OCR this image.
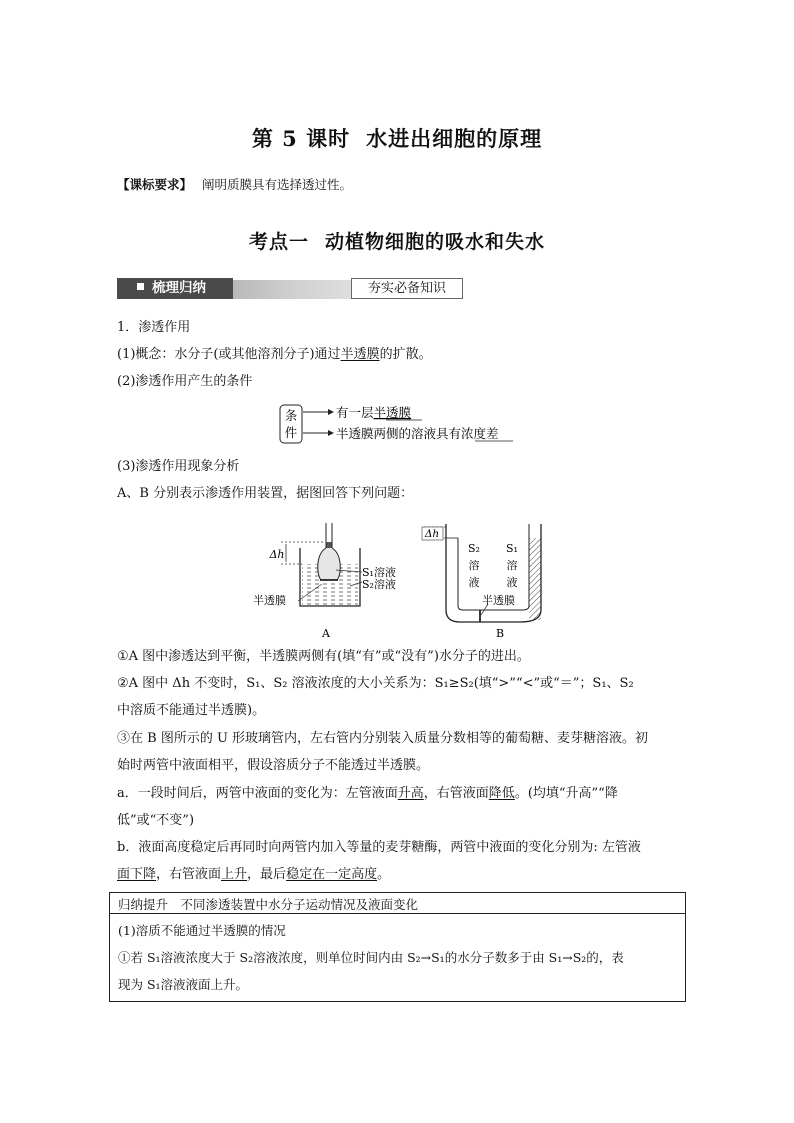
第 5 课时 水进出细胞的原理
【课标要求】 阐明质膜具有选择透过性。
考点一 动植物细胞的吸水和失水
梳理归纳	夯实必备知识
1．渗透作用
(1)概念：水分子(或其他溶剂分子)通过半透膜的扩散。
(2)渗透作用产生的条件
条
件
有一层半透膜
半透膜两侧的溶液具有浓度差
(3)渗透作用现象分析
A、B 分别表示渗透作用装置，据图回答下列问题：
Δh
S₁溶液
S₂溶液
半透膜
A
Δh
S₂
溶
液
S₁
溶
液
半透膜
B
①A 图中渗透达到平衡，半透膜两侧有(填“有”或“没有”)水分子的进出。
②A 图中 Δh 不变时，S₁、S₂ 溶液浓度的大小关系为：S₁≥S₂(填“>”“<”或“＝”；S₁、S₂
中溶质不能通过半透膜)。
③在 B 图所示的 U 形玻璃管内，左右管内分别装入质量分数相等的葡萄糖、麦芽糖溶液。初
始时两管中液面相平，假设溶质分子不能透过半透膜。
a．一段时间后，两管中液面的变化为：左管液面升高，右管液面降低。(均填“升高”“降
低”或“不变”)
b．液面高度稳定后再同时向两管内加入等量的麦芽糖酶，两管中液面的变化分别为: 左管液
面下降，右管液面上升，最后稳定在一定高度。
归纳提升　不同渗透装置中水分子运动情况及液面变化
(1)溶质不能通过半透膜的情况
①若 S₁溶液浓度大于 S₂溶液浓度，则单位时间内由 S₂→S₁的水分子数多于由 S₁→S₂的，表
现为 S₁溶液液面上升。
